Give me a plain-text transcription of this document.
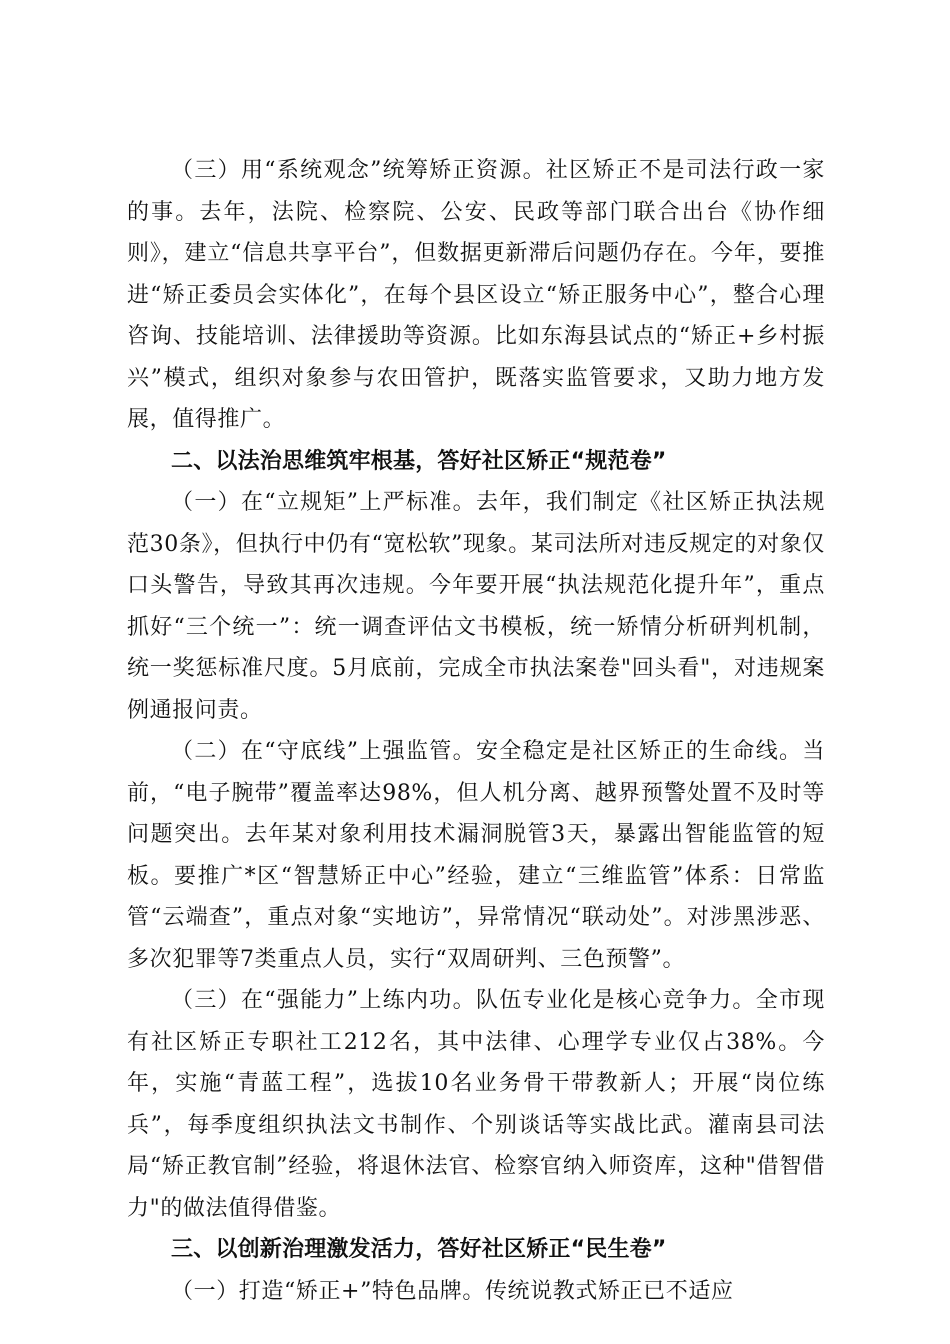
（三）用“系统观念”统筹矫正资源。社区矫正不是司法行政一家的事。去年，法院、检察院、公安、民政等部门联合出台《协作细则》，建立“信息共享平台”，但数据更新滞后问题仍存在。今年，要推进“矫正委员会实体化”，在每个县区设立“矫正服务中心”，整合心理咨询、技能培训、法律援助等资源。比如东海县试点的“矫正+乡村振兴”模式，组织对象参与农田管护，既落实监管要求，又助力地方发展，值得推广。

二、以法治思维筑牢根基，答好社区矫正“规范卷”

（一）在“立规矩”上严标准。去年，我们制定《社区矫正执法规范30条》，但执行中仍有“宽松软”现象。某司法所对违反规定的对象仅口头警告，导致其再次违规。今年要开展“执法规范化提升年”，重点抓好“三个统一”：统一调查评估文书模板，统一矫情分析研判机制，统一奖惩标准尺度。5月底前，完成全市执法案卷"回头看"，对违规案例通报问责。

（二）在“守底线”上强监管。安全稳定是社区矫正的生命线。当前，“电子腕带”覆盖率达98%，但人机分离、越界预警处置不及时等问题突出。去年某对象利用技术漏洞脱管3天，暴露出智能监管的短板。要推广*区“智慧矫正中心”经验，建立“三维监管”体系：日常监管“云端查”，重点对象“实地访”，异常情况“联动处”。对涉黑涉恶、多次犯罪等7类重点人员，实行“双周研判、三色预警”。

（三）在“强能力”上练内功。队伍专业化是核心竞争力。全市现有社区矫正专职社工212名，其中法律、心理学专业仅占38%。今年，实施“青蓝工程”，选拔10名业务骨干带教新人；开展“岗位练兵”，每季度组织执法文书制作、个别谈话等实战比武。灌南县司法局“矫正教官制”经验，将退休法官、检察官纳入师资库，这种"借智借力"的做法值得借鉴。

三、以创新治理激发活力，答好社区矫正“民生卷”

（一）打造“矫正+”特色品牌。传统说教式矫正已不适应
